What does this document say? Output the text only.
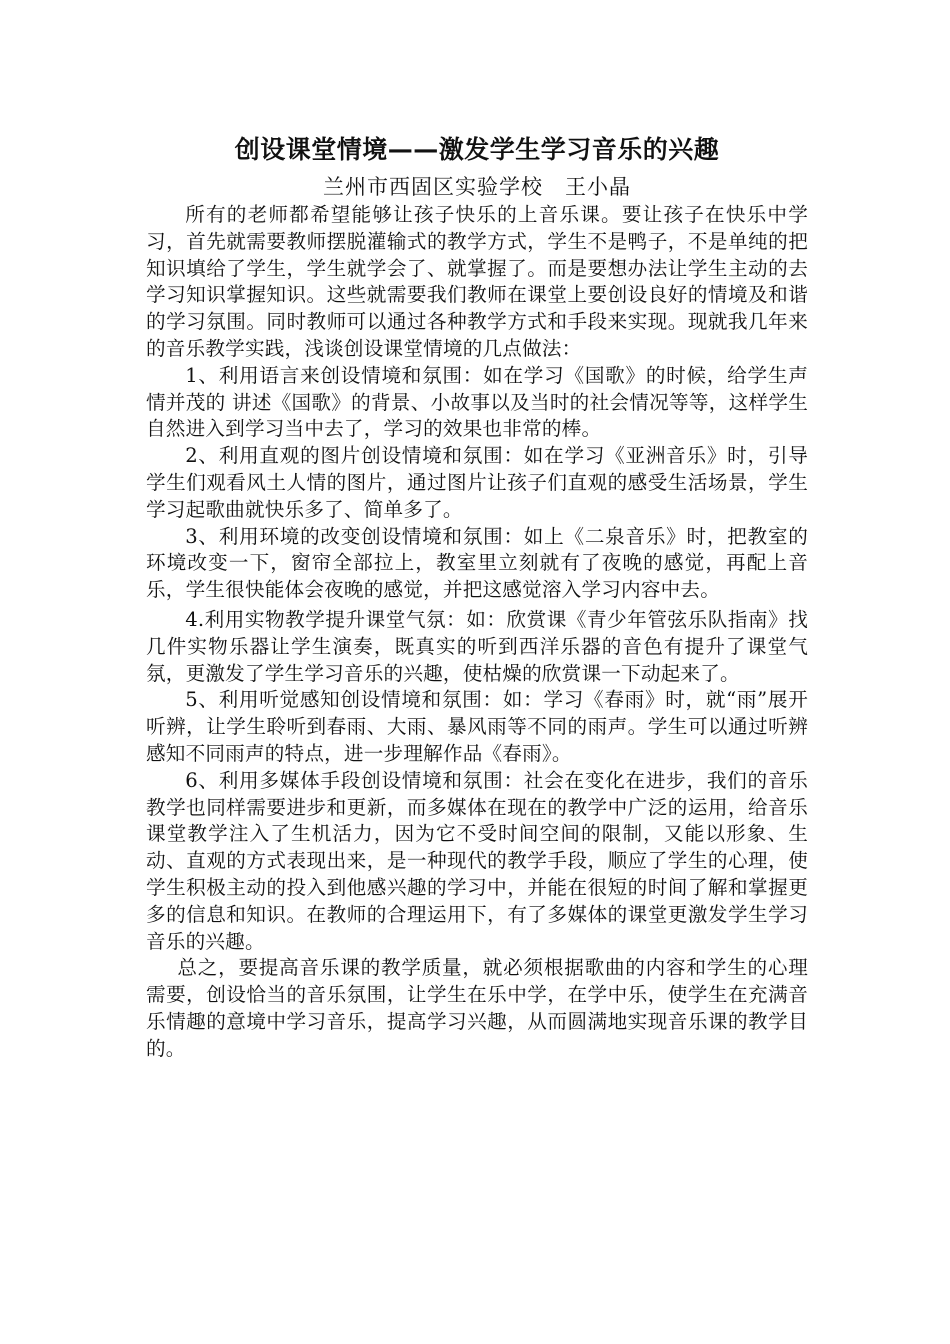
创设课堂情境——激发学生学习音乐的兴趣

兰州市西固区实验学校　王小晶

所有的老师都希望能够让孩子快乐的上音乐课。要让孩子在快乐中学习，首先就需要教师摆脱灌输式的教学方式，学生不是鸭子，不是单纯的把知识填给了学生，学生就学会了、就掌握了。而是要想办法让学生主动的去学习知识掌握知识。这些就需要我们教师在课堂上要创设良好的情境及和谐的学习氛围。同时教师可以通过各种教学方式和手段来实现。现就我几年来的音乐教学实践，浅谈创设课堂情境的几点做法：

1、利用语言来创设情境和氛围：如在学习《国歌》的时候，给学生声情并茂的 讲述《国歌》的背景、小故事以及当时的社会情况等等，这样学生自然进入到学习当中去了，学习的效果也非常的棒。

2、利用直观的图片创设情境和氛围：如在学习《亚洲音乐》时，引导学生们观看风土人情的图片，通过图片让孩子们直观的感受生活场景，学生学习起歌曲就快乐多了、简单多了。

3、利用环境的改变创设情境和氛围：如上《二泉音乐》时，把教室的环境改变一下，窗帘全部拉上，教室里立刻就有了夜晚的感觉，再配上音乐，学生很快能体会夜晚的感觉，并把这感觉溶入学习内容中去。

4.利用实物教学提升课堂气氛：如：欣赏课《青少年管弦乐队指南》找几件实物乐器让学生演奏，既真实的听到西洋乐器的音色有提升了课堂气氛，更激发了学生学习音乐的兴趣，使枯燥的欣赏课一下动起来了。

5、利用听觉感知创设情境和氛围：如：学习《春雨》时，就“雨”展开听辨，让学生聆听到春雨、大雨、暴风雨等不同的雨声。学生可以通过听辨感知不同雨声的特点，进一步理解作品《春雨》。

6、利用多媒体手段创设情境和氛围：社会在变化在进步，我们的音乐教学也同样需要进步和更新，而多媒体在现在的教学中广泛的运用，给音乐课堂教学注入了生机活力，因为它不受时间空间的限制，又能以形象、生动、直观的方式表现出来，是一种现代的教学手段，顺应了学生的心理，使学生积极主动的投入到他感兴趣的学习中，并能在很短的时间了解和掌握更多的信息和知识。在教师的合理运用下，有了多媒体的课堂更激发学生学习音乐的兴趣。

总之，要提高音乐课的教学质量，就必须根据歌曲的内容和学生的心理需要，创设恰当的音乐氛围，让学生在乐中学，在学中乐，使学生在充满音乐情趣的意境中学习音乐，提高学习兴趣，从而圆满地实现音乐课的教学目的。
